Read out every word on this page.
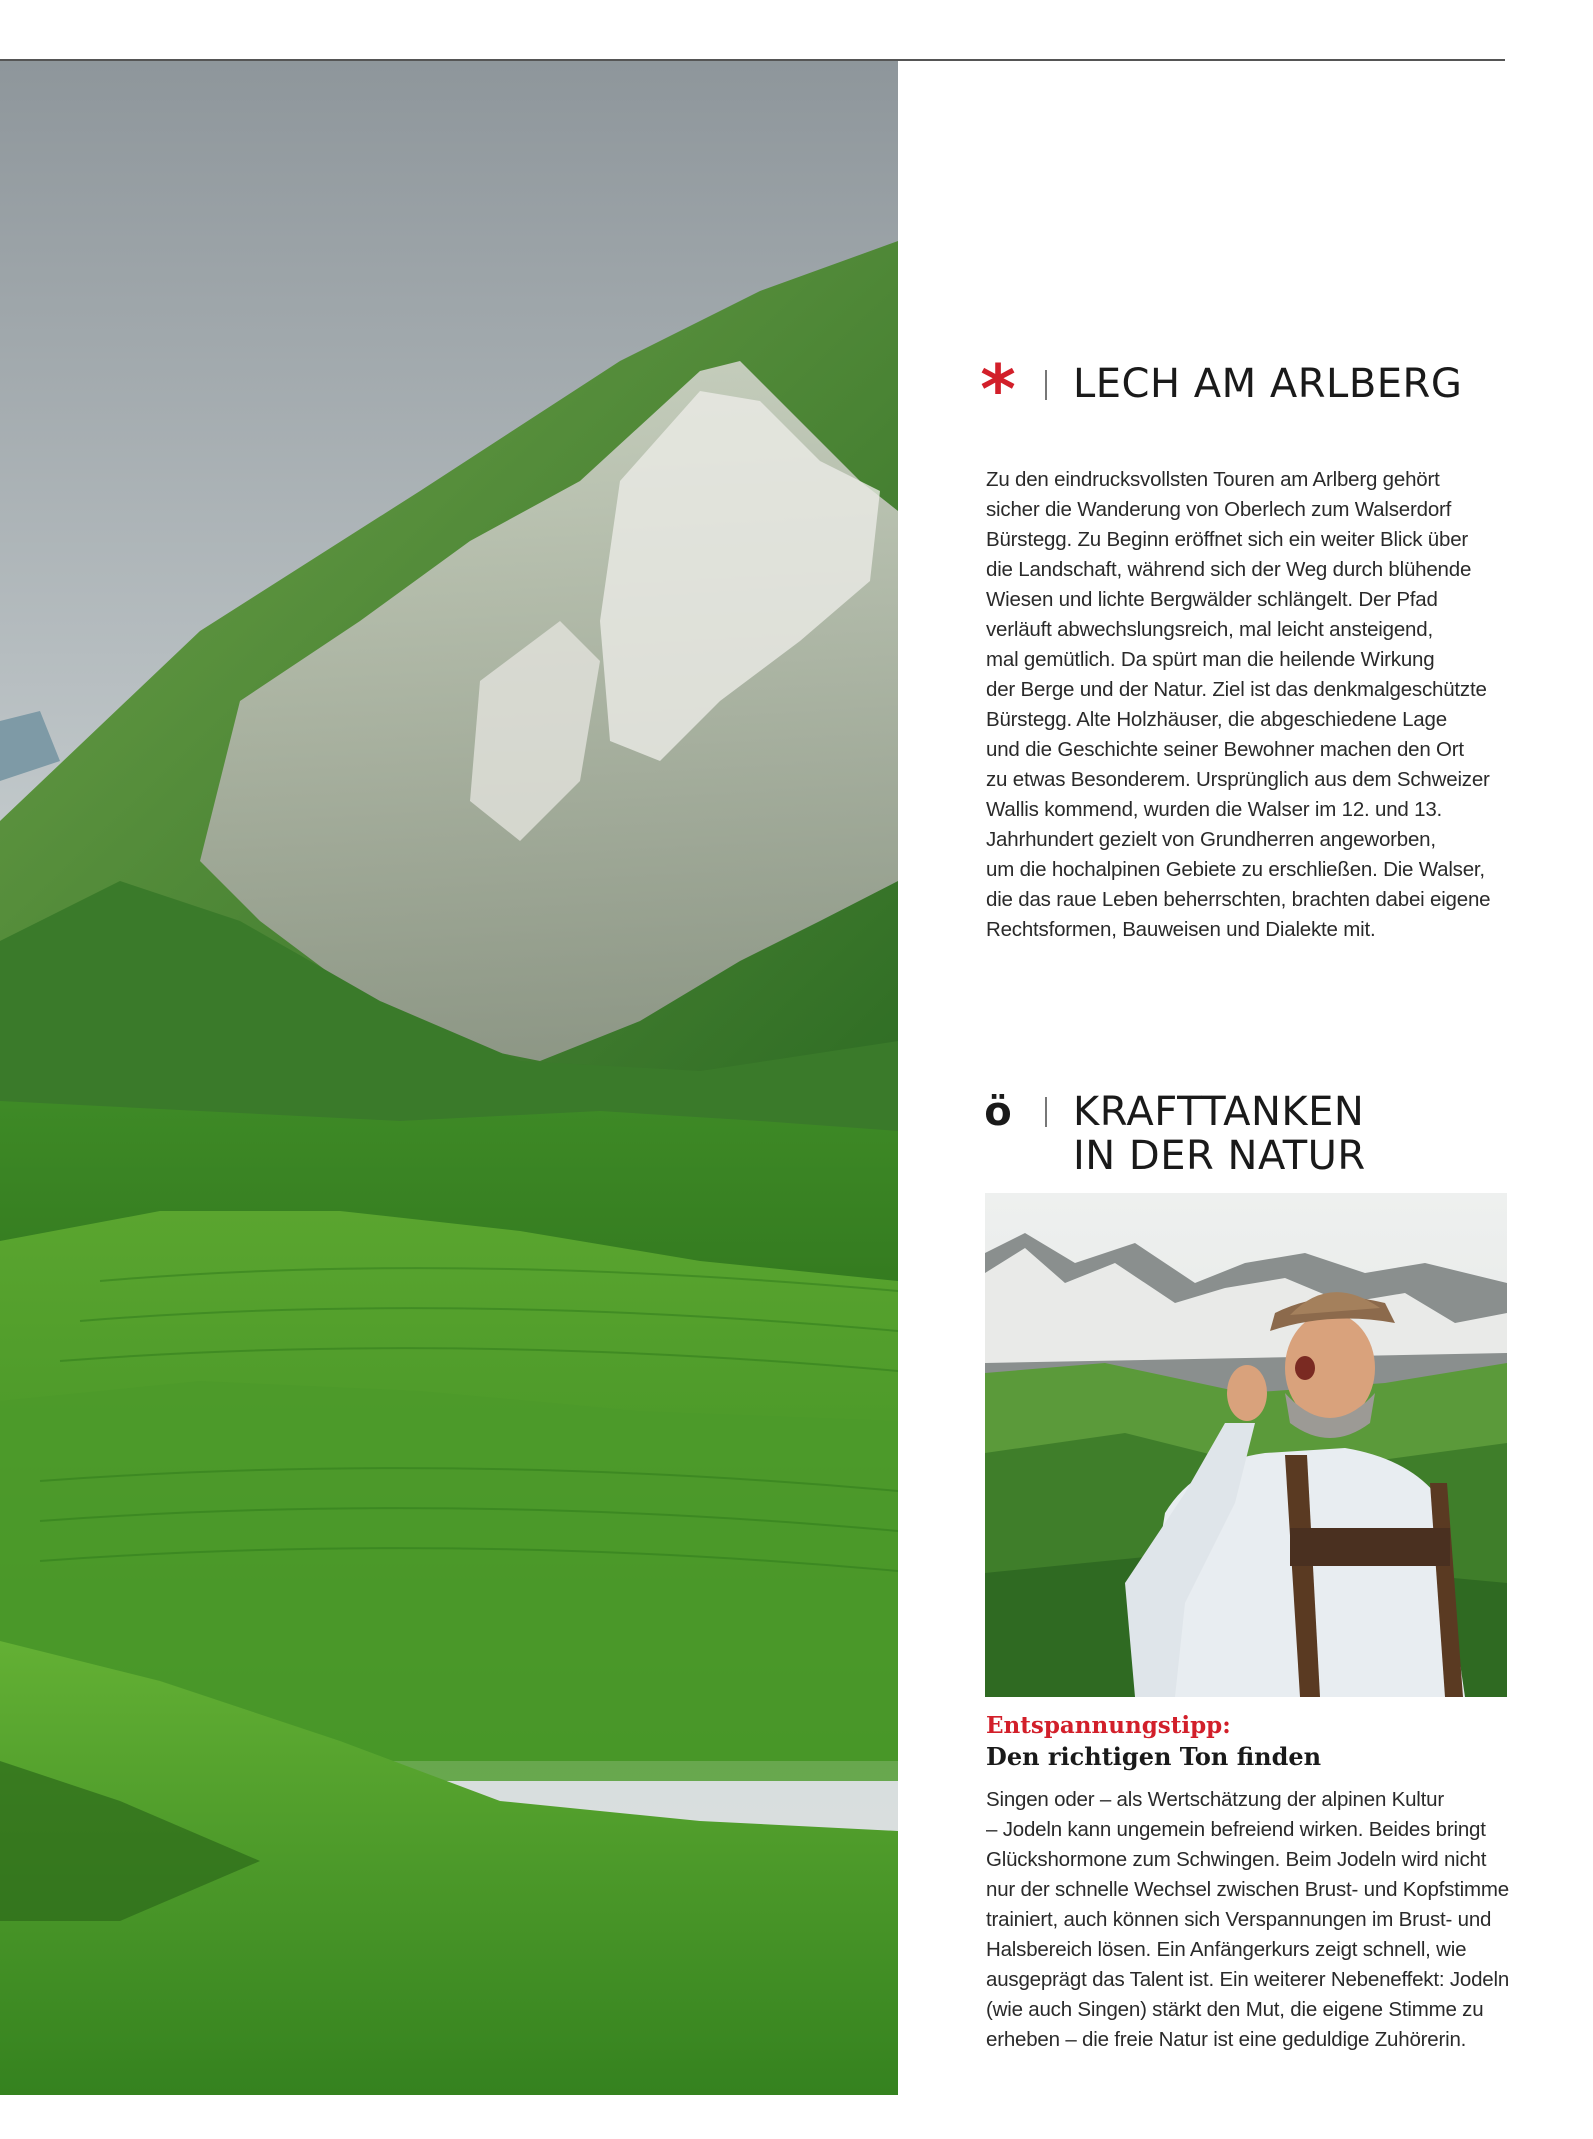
* LECH AM ARLBERG
Zu den eindrucksvollsten Touren am Arlberg gehört
sicher die Wanderung von Oberlech zum Walserdorf
Bürstegg. Zu Beginn eröffnet sich ein weiter Blick über
die Landschaft, während sich der Weg durch blühende
Wiesen und lichte Bergwälder schlängelt. Der Pfad
verläuft abwechslungsreich, mal leicht ansteigend,
mal gemütlich. Da spürt man die heilende Wirkung
der Berge und der Natur. Ziel ist das denkmalgeschützte
Bürstegg. Alte Holzhäuser, die abgeschiedene Lage
und die Geschichte seiner Bewohner machen den Ort
zu etwas Besonderem. Ursprünglich aus dem Schweizer
Wallis kommend, wurden die Walser im 12. und 13.
Jahrhundert gezielt von Grundherren angeworben,
um die hochalpinen Gebiete zu erschließen. Die Walser,
die das raue Leben beherrschten, brachten dabei eigene
Rechtsformen, Bauweisen und Dialekte mit.
ö KRAFTTANKEN
IN DER NATUR
Entspannungstipp:
Den richtigen Ton finden
Singen oder – als Wertschätzung der alpinen Kultur
– Jodeln kann ungemein befreiend wirken. Beides bringt
Glückshormone zum Schwingen. Beim Jodeln wird nicht
nur der schnelle Wechsel zwischen Brust- und Kopfstimme
trainiert, auch können sich Verspannungen im Brust- und
Halsbereich lösen. Ein Anfängerkurs zeigt schnell, wie
ausgeprägt das Talent ist. Ein weiterer Nebeneffekt: Jodeln
(wie auch Singen) stärkt den Mut, die eigene Stimme zu
erheben – die freie Natur ist eine geduldige Zuhörerin.
